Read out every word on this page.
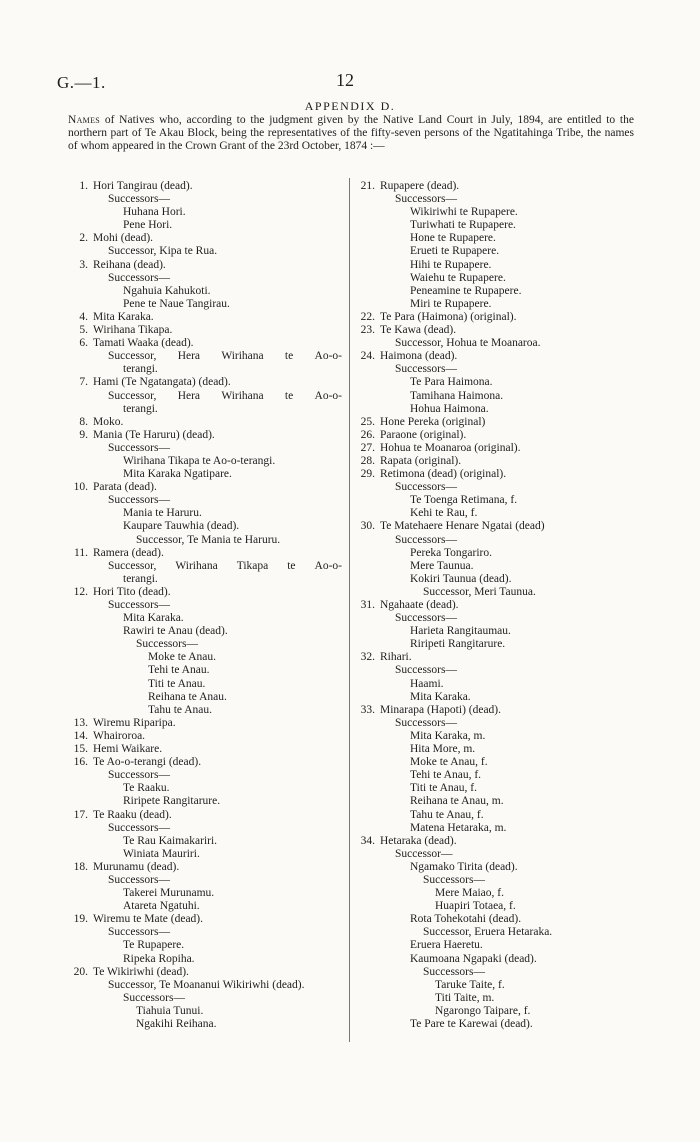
G.—1.	12
APPENDIX D.
Names of Natives who, according to the judgment given by the Native Land Court in July, 1894, are entitled to the northern part of Te Akau Block, being the representatives of the fifty-seven persons of the Ngatitahinga Tribe, the names of whom appeared in the Crown Grant of the 23rd October, 1874 :—
1. Hori Tangirau (dead).
Successors—
Huhana Hori.
Pene Hori.
2. Mohi (dead).
Successor, Kipa te Rua.
3. Reihana (dead).
Successors—
Ngahuia Kahukoti.
Pene te Naue Tangirau.
4. Mita Karaka.
5. Wirihana Tikapa.
6. Tamati Waaka (dead).
Successor, Hera Wirihana te Ao-o-
terangi.
7. Hami (Te Ngatangata) (dead).
Successor, Hera Wirihana te Ao-o-
terangi.
8. Moko.
9. Mania (Te Haruru) (dead).
Successors—
Wirihana Tikapa te Ao-o-terangi.
Mita Karaka Ngatipare.
10. Parata (dead).
Successors—
Mania te Haruru.
Kaupare Tauwhia (dead).
Successor, Te Mania te Haruru.
11. Ramera (dead).
Successor, Wirihana Tikapa te Ao-o-
terangi.
12. Hori Tito (dead).
Successors—
Mita Karaka.
Rawiri te Anau (dead).
Successors—
Moke te Anau.
Tehi te Anau.
Titi te Anau.
Reihana te Anau.
Tahu te Anau.
13. Wiremu Riparipa.
14. Whairoroa.
15. Hemi Waikare.
16. Te Ao-o-terangi (dead).
Successors—
Te Raaku.
Riripete Rangitarure.
17. Te Raaku (dead).
Successors—
Te Rau Kaimakariri.
Winiata Mauriri.
18. Murunamu (dead).
Successors—
Takerei Murunamu.
Atareta Ngatuhi.
19. Wiremu te Mate (dead).
Successors—
Te Rupapere.
Ripeka Ropiha.
20. Te Wikiriwhi (dead).
Successor, Te Moananui Wikiriwhi (dead).
Successors—
Tiahuia Tunui.
Ngakihi Reihana.
21. Rupapere (dead).
Successors—
Wikiriwhi te Rupapere.
Turiwhati te Rupapere.
Hone te Rupapere.
Erueti te Rupapere.
Hihi te Rupapere.
Waiehu te Rupapere.
Peneamine te Rupapere.
Miri te Rupapere.
22. Te Para (Haimona) (original).
23. Te Kawa (dead).
Successor, Hohua te Moanaroa.
24. Haimona (dead).
Successors—
Te Para Haimona.
Tamihana Haimona.
Hohua Haimona.
25. Hone Pereka (original)
26. Paraone (original).
27. Hohua te Moanaroa (original).
28. Rapata (original).
29. Retimona (dead) (original).
Successors—
Te Toenga Retimana, f.
Kehi te Rau, f.
30. Te Matehaere Henare Ngatai (dead)
Successors—
Pereka Tongariro.
Mere Taunua.
Kokiri Taunua (dead).
Successor, Meri Taunua.
31. Ngahaate (dead).
Successors—
Harieta Rangitaumau.
Riripeti Rangitarure.
32. Rihari.
Successors—
Haami.
Mita Karaka.
33. Minarapa (Hapoti) (dead).
Successors—
Mita Karaka, m.
Hita More, m.
Moke te Anau, f.
Tehi te Anau, f.
Titi te Anau, f.
Reihana te Anau, m.
Tahu te Anau, f.
Matena Hetaraka, m.
34. Hetaraka (dead).
Successor—
Ngamako Tirita (dead).
Successors—
Mere Maiao, f.
Huapiri Totaea, f.
Rota Tohekotahi (dead).
Successor, Eruera Hetaraka.
Eruera Haeretu.
Kaumoana Ngapaki (dead).
Successors—
Taruke Taite, f.
Titi Taite, m.
Ngarongo Taipare, f.
Te Pare te Karewai (dead).
